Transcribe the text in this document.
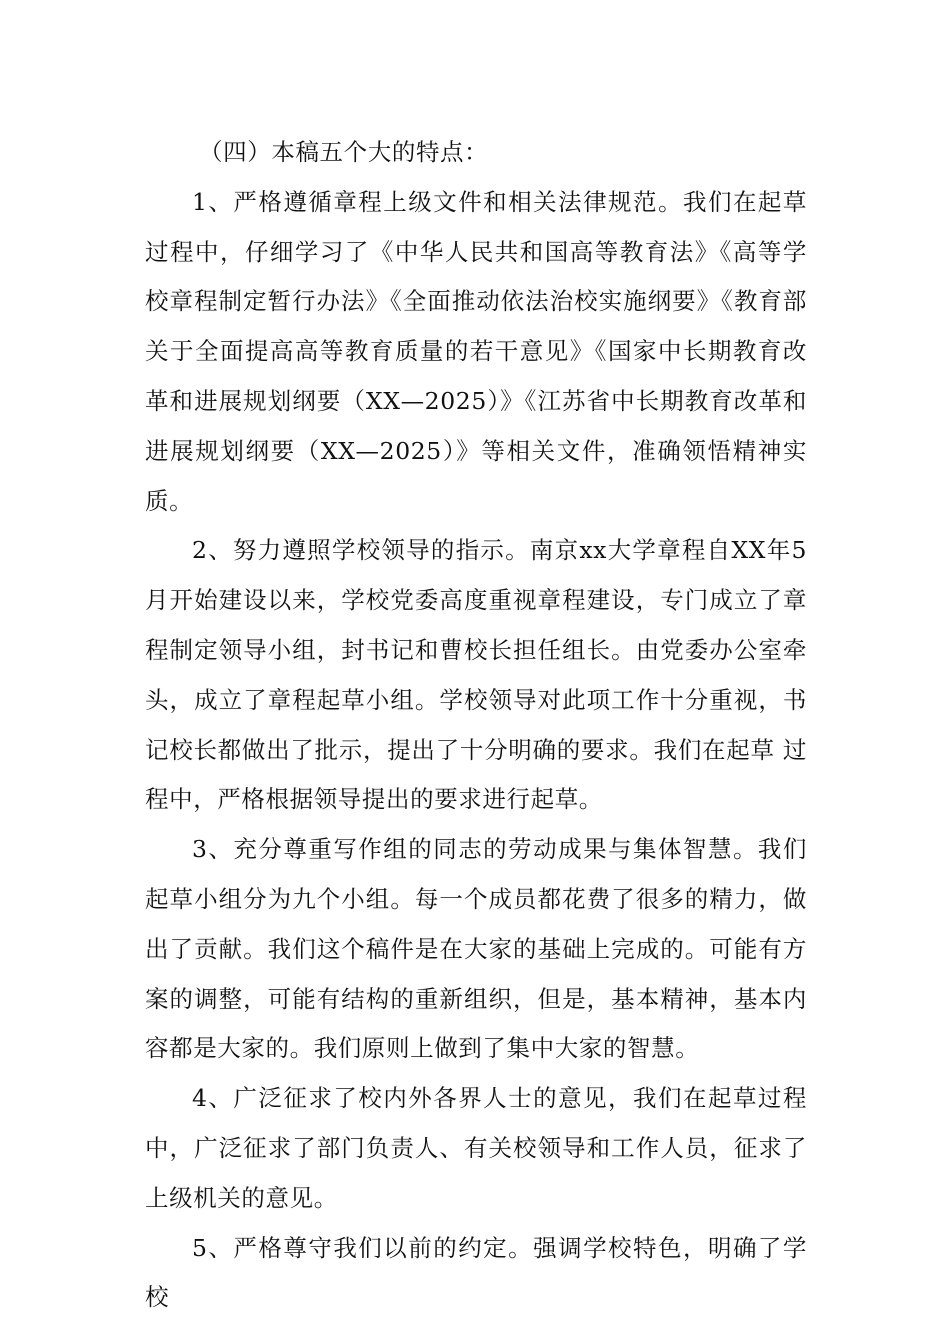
（四）本稿五个大的特点：

1、严格遵循章程上级文件和相关法律规范。我们在起草过程中，仔细学习了《中华人民共和国高等教育法》《高等学校章程制定暂行办法》《全面推动依法治校实施纲要》《教育部关于全面提高高等教育质量的若干意见》《国家中长期教育改革和进展规划纲要（XX—2025）》《江苏省中长期教育改革和进展规划纲要（XX—2025）》等相关文件，准确领悟精神实质。

2、努力遵照学校领导的指示。南京xx大学章程自XX年5月开始建设以来，学校党委高度重视章程建设，专门成立了章程制定领导小组，封书记和曹校长担任组长。由党委办公室牵头，成立了章程起草小组。学校领导对此项工作十分重视，书记校长都做出了批示，提出了十分明确的要求。我们在起草 过程中，严格根据领导提出的要求进行起草。

3、充分尊重写作组的同志的劳动成果与集体智慧。我们起草小组分为九个小组。每一个成员都花费了很多的精力，做出了贡献。我们这个稿件是在大家的基础上完成的。可能有方案的调整，可能有结构的重新组织，但是，基本精神，基本内容都是大家的。我们原则上做到了集中大家的智慧。

4、广泛征求了校内外各界人士的意见，我们在起草过程中，广泛征求了部门负责人、有关校领导和工作人员，征求了上级机关的意见。

5、严格尊守我们以前的约定。强调学校特色，明确了学校
